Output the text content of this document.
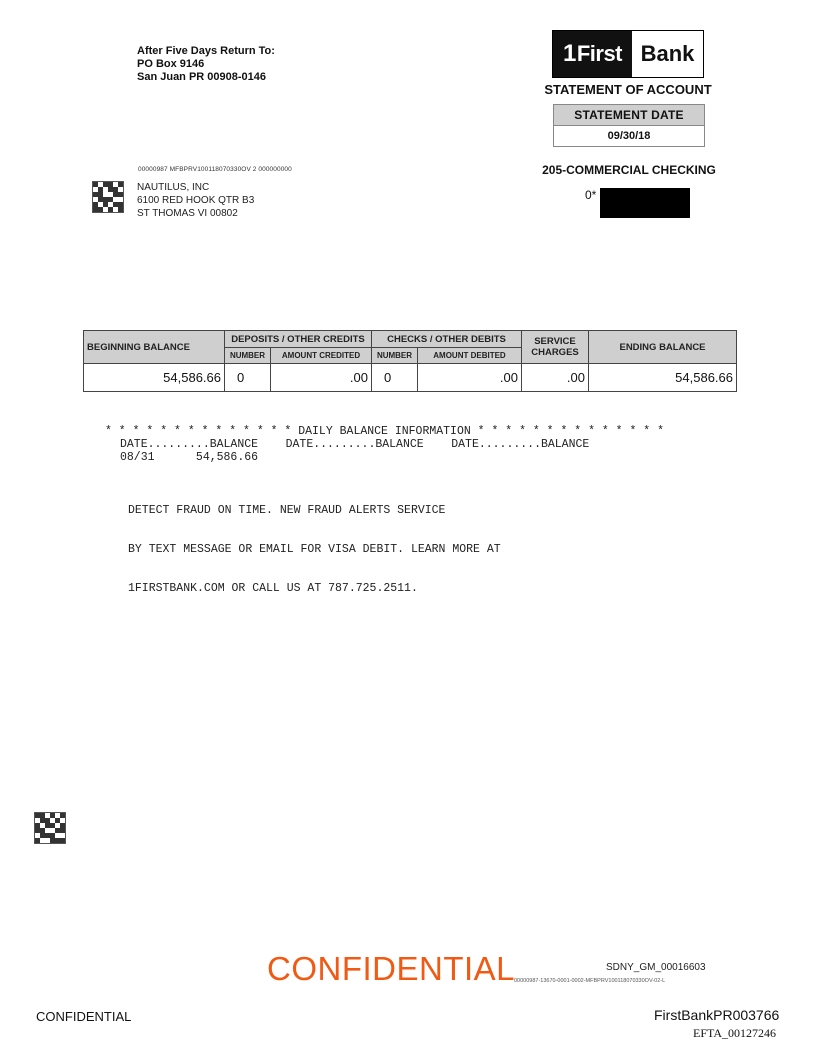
After Five Days Return To:
PO Box 9146
San Juan PR 00908-0146
1 First Bank
STATEMENT OF ACCOUNT
STATEMENT DATE
09/30/18
205-COMMERCIAL CHECKING
0*
00000987 MFBPRV100118070330OV 2 000000000
NAUTILUS, INC
6100 RED HOOK QTR B3
ST THOMAS VI 00802
BEGINNING BALANCE	DEPOSITS / OTHER CREDITS		CHECKS / OTHER DEBITS		SERVICE CHARGES	ENDING BALANCE
	NUMBER	AMOUNT CREDITED	NUMBER	AMOUNT DEBITED		
54,586.66	0	.00	0	.00	.00	54,586.66
* * * * * * * * * * * * * * DAILY BALANCE INFORMATION * * * * * * * * * * * * * *
DATE.........BALANCE    DATE.........BALANCE    DATE.........BALANCE
08/31      54,586.66

DETECT FRAUD ON TIME. NEW FRAUD ALERTS SERVICE

BY TEXT MESSAGE OR EMAIL FOR VISA DEBIT. LEARN MORE AT

1FIRSTBANK.COM OR CALL US AT 787.725.2511.

CONFIDENTIAL	SDNY_GM_00016603
00000987-13670-0001-0002-MFBPRV100118070330OV-02-L
CONFIDENTIAL	FirstBankPR003766
EFTA_00127246
